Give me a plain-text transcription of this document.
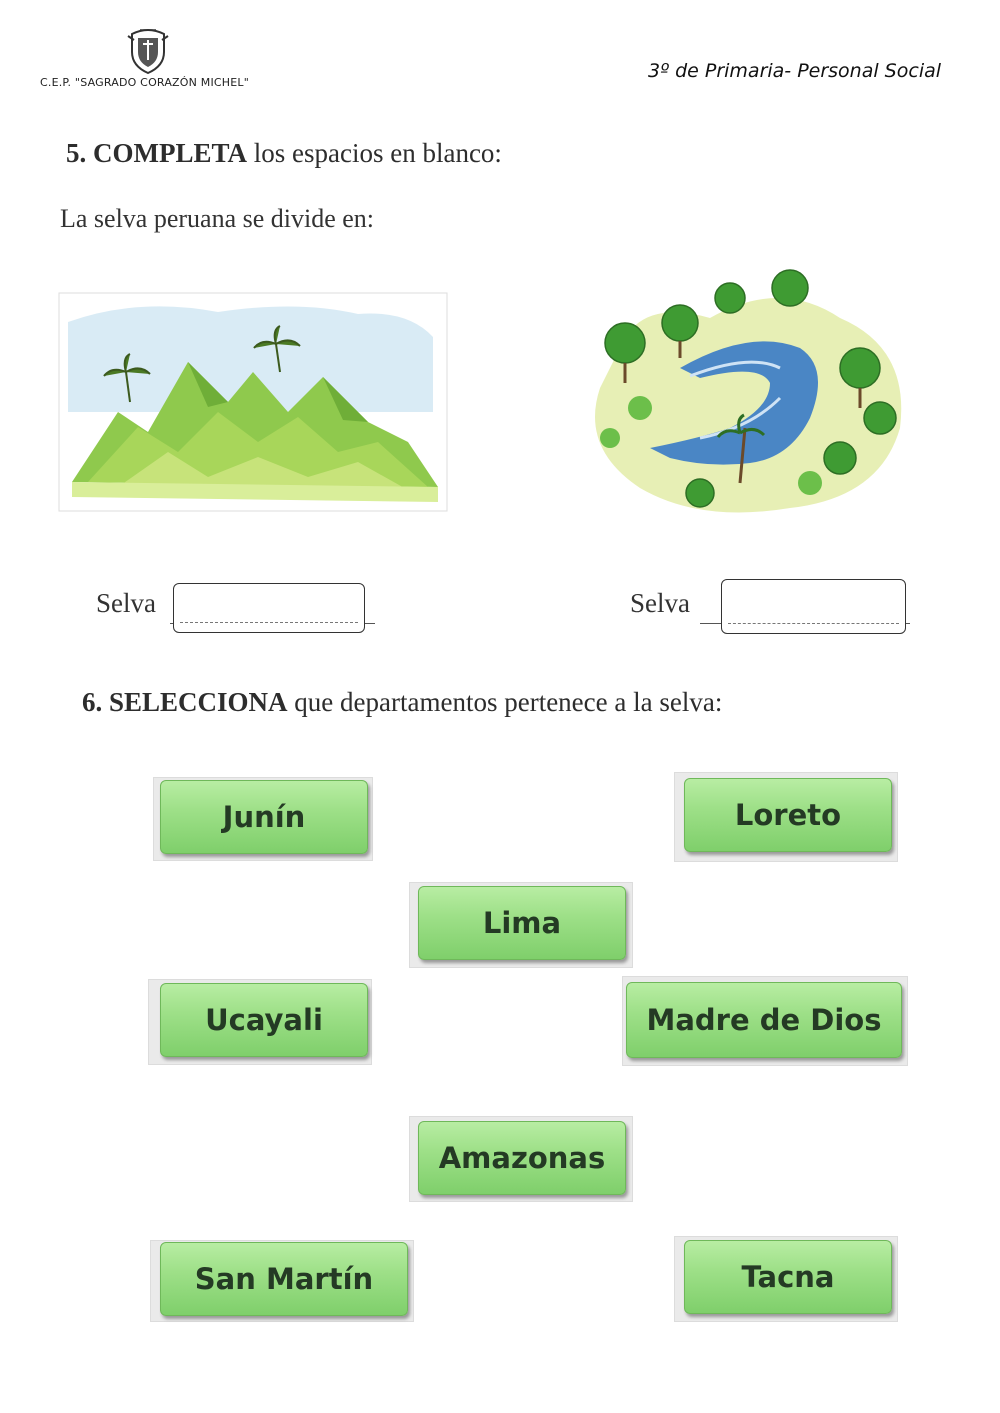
C.E.P. "SAGRADO CORAZÓN MICHEL"
3º de Primaria- Personal Social
5. COMPLETA los espacios en blanco:
La selva peruana se divide en:
Selva	Selva
6. SELECCIONA que departamentos pertenece a la selva:
Junín	Loreto
Lima
Ucayali	Madre de Dios
Amazonas
San Martín	Tacna
